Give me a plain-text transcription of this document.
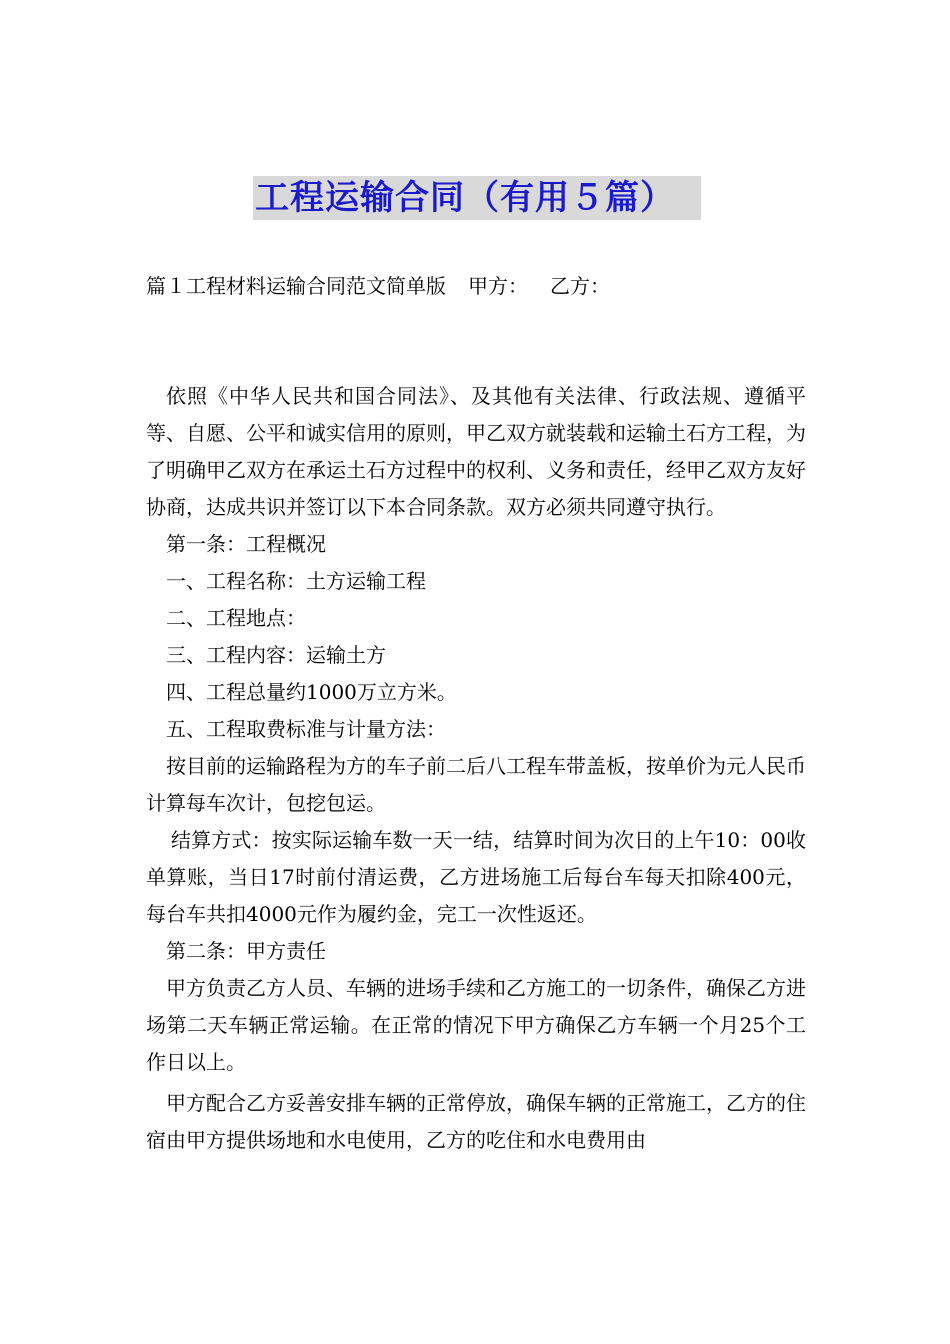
工程运输合同（有用５篇）
篇１工程材料运输合同范文简单版 甲方： 乙方：

依照《中华人民共和国合同法》、及其他有关法律、行政法规、遵循平等、自愿、公平和诚实信用的原则，甲乙双方就装载和运输土石方工程，为了明确甲乙双方在承运土石方过程中的权利、义务和责任，经甲乙双方友好协商，达成共识并签订以下本合同条款。双方必须共同遵守执行。

第一条：工程概况

一、工程名称：土方运输工程

二、工程地点：

三、工程内容：运输土方

四、工程总量约1000万立方米。

五、工程取费标准与计量方法：

按目前的运输路程为方的车子前二后八工程车带盖板，按单价为元人民币计算每车次计，包挖包运。

结算方式：按实际运输车数一天一结，结算时间为次日的上午10：00收单算账，当日17时前付清运费，乙方进场施工后每台车每天扣除400元，每台车共扣4000元作为履约金，完工一次性返还。

第二条：甲方责任

甲方负责乙方人员、车辆的进场手续和乙方施工的一切条件，确保乙方进场第二天车辆正常运输。在正常的情况下甲方确保乙方车辆一个月25个工作日以上。

甲方配合乙方妥善安排车辆的正常停放，确保车辆的正常施工，乙方的住宿由甲方提供场地和水电使用，乙方的吃住和水电费用由
